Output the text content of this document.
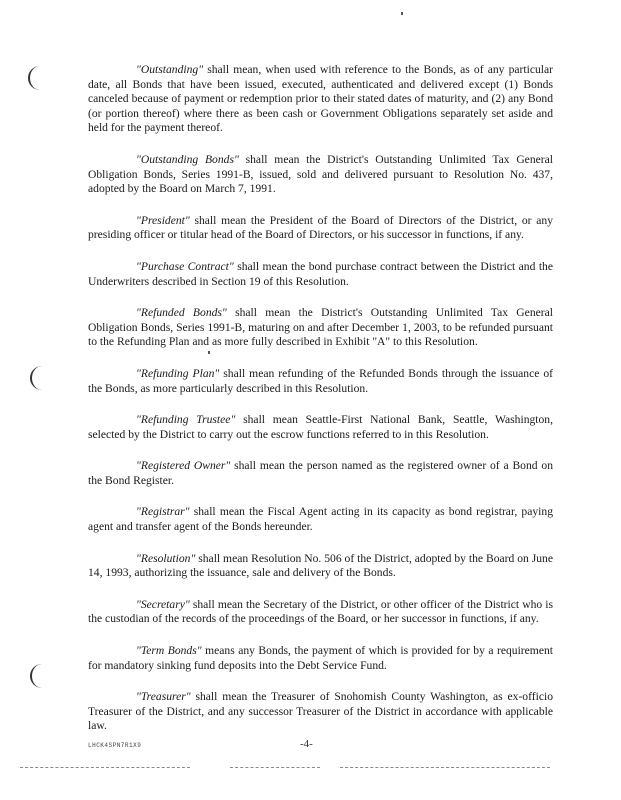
"Outstanding" shall mean, when used with reference to the Bonds, as of any particular date, all Bonds that have been issued, executed, authenticated and delivered except (1) Bonds canceled because of payment or redemption prior to their stated dates of maturity, and (2) any Bond (or portion thereof) where there as been cash or Government Obligations separately set aside and held for the payment thereof.

"Outstanding Bonds" shall mean the District's Outstanding Unlimited Tax General Obligation Bonds, Series 1991-B, issued, sold and delivered pursuant to Resolution No. 437, adopted by the Board on March 7, 1991.

"President" shall mean the President of the Board of Directors of the District, or any presiding officer or titular head of the Board of Directors, or his successor in functions, if any.

"Purchase Contract" shall mean the bond purchase contract between the District and the Underwriters described in Section 19 of this Resolution.

"Refunded Bonds" shall mean the District's Outstanding Unlimited Tax General Obligation Bonds, Series 1991-B, maturing on and after December 1, 2003, to be refunded pursuant to the Refunding Plan and as more fully described in Exhibit "A" to this Resolution.

"Refunding Plan" shall mean refunding of the Refunded Bonds through the issuance of the Bonds, as more particularly described in this Resolution.

"Refunding Trustee" shall mean Seattle-First National Bank, Seattle, Washington, selected by the District to carry out the escrow functions referred to in this Resolution.

"Registered Owner" shall mean the person named as the registered owner of a Bond on the Bond Register.

"Registrar" shall mean the Fiscal Agent acting in its capacity as bond registrar, paying agent and transfer agent of the Bonds hereunder.

"Resolution" shall mean Resolution No. 506 of the District, adopted by the Board on June 14, 1993, authorizing the issuance, sale and delivery of the Bonds.

"Secretary" shall mean the Secretary of the District, or other officer of the District who is the custodian of the records of the proceedings of the Board, or her successor in functions, if any.

"Term Bonds" means any Bonds, the payment of which is provided for by a requirement for mandatory sinking fund deposits into the Debt Service Fund.

"Treasurer" shall mean the Treasurer of Snohomish County Washington, as ex-officio Treasurer of the District, and any successor Treasurer of the District in accordance with applicable law.

LHCK4SPN7R1X9	-4-
